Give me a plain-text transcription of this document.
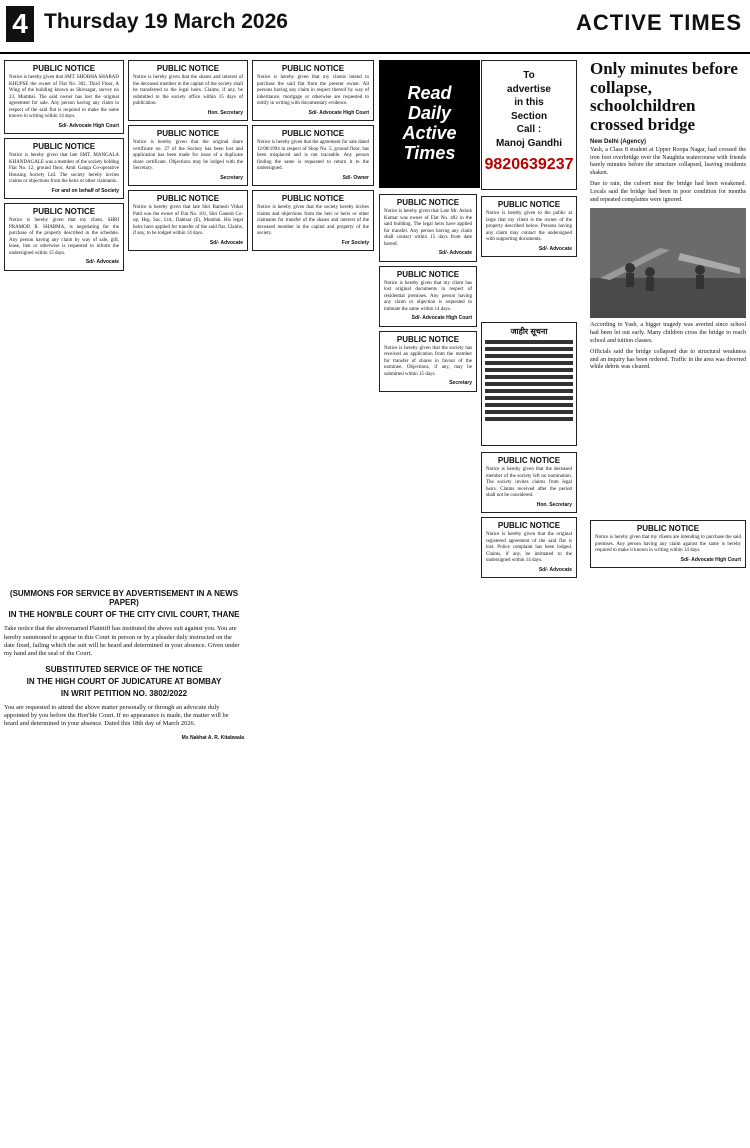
4 Thursday 19 March 2026	ACTIVE TIMES
PUBLIC NOTICE

Notice is hereby given that SMT. SHOBHA SHARAD KHUPSE the owner of Flat No. 302, Third Floor, A Wing of the building known as Shivsagar, survey no 23, Mumbai. The said owner has lost the original agreement for sale. Any person having any claim in respect of the said flat is required to make the same known in writing within 14 days.

Sd/- Advocate High Court
PUBLIC NOTICE

Notice is hereby given that late SMT. MANGALA KHANDAGALE was a member of the society holding Flat No. 12, ground floor, Amit Ganga Co-operative Housing Society Ltd. The society hereby invites claims or objections from the heirs or other claimants.

For and on behalf of Society
PUBLIC NOTICE

Notice is hereby given that my client, SHRI PRAMOD R. SHARMA, is negotiating for the purchase of the property described in the schedule. Any person having any claim by way of sale, gift, lease, lien or otherwise is requested to inform the undersigned within 15 days.

Sd/- Advocate
(SUMMONS FOR SERVICE BY ADVERTISEMENT IN A NEWS PAPER)
IN THE HON'BLE COURT OF THE CITY CIVIL COURT, THANE

Take notice that the abovenamed Plaintiff has instituted the above suit against you. You are hereby summoned to appear in this Court in person or by a pleader duly instructed on the date fixed, failing which the suit will be heard and determined in your absence. Given under my hand and the seal of the Court.

SUBSTITUTED SERVICE OF THE NOTICE
IN THE HIGH COURT OF JUDICATURE AT BOMBAY
IN WRIT PETITION NO. 3802/2022

You are requested to attend the above matter personally or through an advocate duly appointed by you before the Hon'ble Court. If no appearance is made, the matter will be heard and determined in your absence. Dated this 18th day of March 2026.

Ms Nakhat A. R. Kitabwala
PUBLIC NOTICE

Notice is hereby given that the shares and interest of the deceased member in the capital of the society shall be transferred to the legal heirs. Claims, if any, be submitted to the society office within 15 days of publication.

Hon. Secretary
PUBLIC NOTICE

Notice is hereby given that the original share certificate no. 27 of the Society has been lost and application has been made for issue of a duplicate share certificate. Objections may be lodged with the Secretary.

Secretary
PUBLIC NOTICE

Notice is hereby given that late Shri Ramesh Vithal Patil was the owner of Flat No. 101, Shri Ganesh Co-op. Hsg. Soc. Ltd., Dahisar (E), Mumbai. His legal heirs have applied for transfer of the said flat. Claims, if any, to be lodged within 14 days.

Sd/- Advocate
PUBLIC NOTICE

Notice is hereby given that my clients intend to purchase the said flat from the present owner. All persons having any claim in respect thereof by way of inheritance, mortgage or otherwise are requested to notify in writing with documentary evidence.

Sd/- Advocate High Court
PUBLIC NOTICE

Notice is hereby given that the agreement for sale dated 12/08/1994 in respect of Shop No. 5, ground floor, has been misplaced and is not traceable. Any person finding the same is requested to return it to the undersigned.

Sd/- Owner
PUBLIC NOTICE

Notice is hereby given that the society hereby invites claims and objections from the heir or heirs or other claimants for transfer of the shares and interest of the deceased member in the capital and property of the society.

For Society
Read
Daily
Active
Times
To
advertise
in this
Section
Call :
Manoj Gandhi
9820639237
PUBLIC NOTICE

Notice is hereby given that Late Mr. Ashok Kumar was owner of Flat No. 402 in the said building. The legal heirs have applied for transfer. Any person having any claim shall contact within 15 days from date hereof.

Sd/- Advocate
PUBLIC NOTICE

Notice is hereby given that my client has lost original documents in respect of residential premises. Any person having any claim or objection is requested to intimate the same within 14 days.

Sd/- Advocate High Court
PUBLIC NOTICE

Notice is hereby given that the society has received an application from the member for transfer of shares in favour of the nominee. Objections, if any, may be submitted within 15 days.

Secretary
PUBLIC NOTICE

Notice is hereby given to the public at large that my client is the owner of the property described below. Persons having any claim may contact the undersigned with supporting documents.

Sd/- Advocate
जाहीर सूचना
PUBLIC NOTICE

Notice is hereby given that the deceased member of the society left no nomination. The society invites claims from legal heirs. Claims received after the period shall not be considered.

Hon. Secretary
PUBLIC NOTICE

Notice is hereby given that the original registered agreement of the said flat is lost. Police complaint has been lodged. Claims, if any, be intimated to the undersigned within 14 days.

Sd/- Advocate
Only minutes before collapse, schoolchildren crossed bridge
New Delhi (Agency)

Yash, a Class 8 student at Upper Roopa Nagar, had crossed the iron foot overbridge over the Naughtia watercourse with friends barely minutes before the structure collapsed, leaving residents shaken.

Due to rain, the culvert near the bridge had been weakened. Locals said the bridge had been in poor condition for months and repeated complaints were ignored.

According to Yash, a bigger tragedy was averted since school had been let out early. Many children cross the bridge to reach school and tuition classes.

Officials said the bridge collapsed due to structural weakness and an inquiry has been ordered. Traffic in the area was diverted while debris was cleared.

PUBLIC NOTICE

Notice is hereby given that my clients are intending to purchase the said premises. Any person having any claim against the same is hereby required to make it known in writing within 14 days.

Sd/- Advocate High Court
